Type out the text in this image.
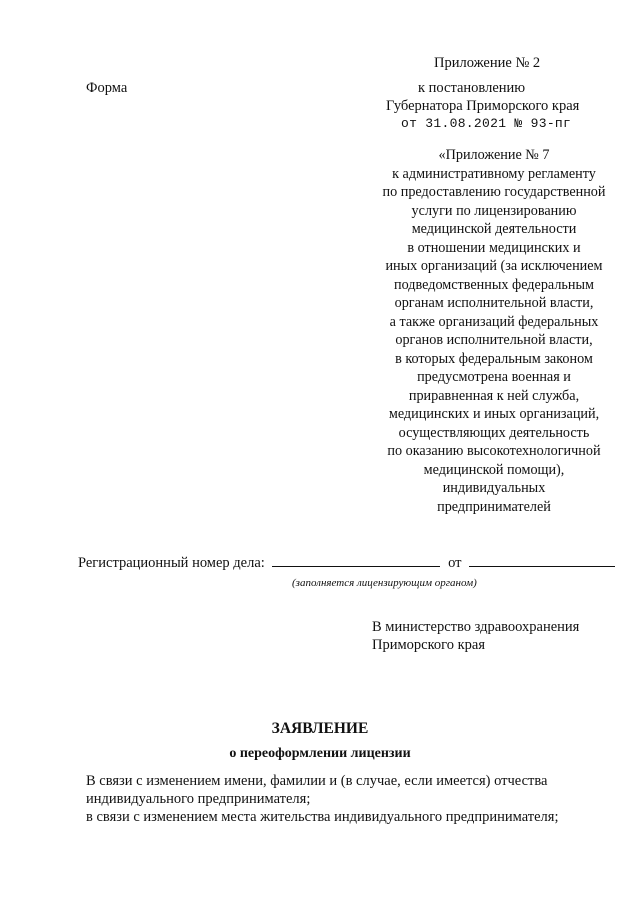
Приложение № 2
Форма	к постановлению
Губернатора Приморского края
от 31.08.2021 № 93-пг
«Приложение № 7
к административному регламенту
по предоставлению государственной
услуги по лицензированию
медицинской деятельности
в отношении медицинских и
иных организаций (за исключением
подведомственных федеральным
органам исполнительной власти,
а также организаций федеральных
органов исполнительной власти,
в которых федеральным законом
предусмотрена военная и
приравненная к ней служба,
медицинских и иных организаций,
осуществляющих деятельность
по оказанию высокотехнологичной
медицинской помощи),
индивидуальных
предпринимателей
Регистрационный номер дела:	от
(заполняется лицензирующим органом)
В министерство здравоохранения
Приморского края
ЗАЯВЛЕНИЕ
о переоформлении лицензии
В связи с изменением имени, фамилии и (в случае, если имеется) отчества
индивидуального предпринимателя;
в связи с изменением места жительства индивидуального предпринимателя;
